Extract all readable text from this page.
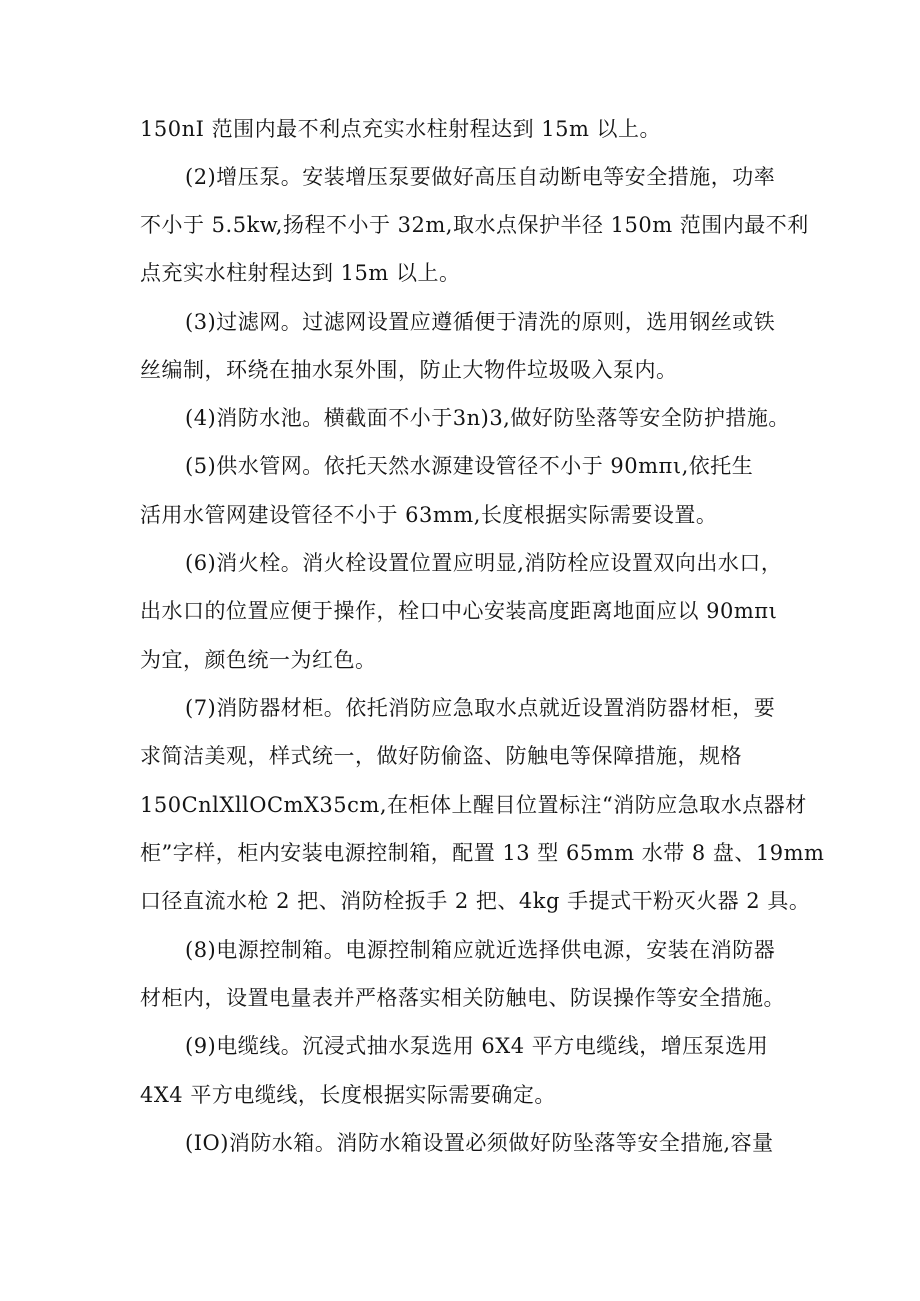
150nI 范围内最不利点充实水柱射程达到 15m 以上。
(2)增压泵。安装增压泵要做好高压自动断电等安全措施，功率
不小于 5.5kw,扬程不小于 32m,取水点保护半径 150m 范围内最不利
点充实水柱射程达到 15m 以上。
(3)过滤网。过滤网设置应遵循便于清洗的原则，选用钢丝或铁
丝编制，环绕在抽水泵外围，防止大物件垃圾吸入泵内。
(4)消防水池。横截面不小于3n)3,做好防坠落等安全防护措施。
(5)供水管网。依托天然水源建设管径不小于 90mπι,依托生
活用水管网建设管径不小于 63mm,长度根据实际需要设置。
(6)消火栓。消火栓设置位置应明显,消防栓应设置双向出水口，
出水口的位置应便于操作，栓口中心安装高度距离地面应以 90mπι
为宜，颜色统一为红色。
(7)消防器材柜。依托消防应急取水点就近设置消防器材柜，要
求简洁美观，样式统一，做好防偷盗、防触电等保障措施，规格
150CnlXllOCmX35cm,在柜体上醒目位置标注“消防应急取水点器材
柜”字样，柜内安装电源控制箱，配置 13 型 65mm 水带 8 盘、19mm
口径直流水枪 2 把、消防栓扳手 2 把、4kg 手提式干粉灭火器 2 具。
(8)电源控制箱。电源控制箱应就近选择供电源，安装在消防器
材柜内，设置电量表并严格落实相关防触电、防误操作等安全措施。
(9)电缆线。沉浸式抽水泵选用 6X4 平方电缆线，增压泵选用
4X4 平方电缆线，长度根据实际需要确定。
(IO)消防水箱。消防水箱设置必须做好防坠落等安全措施,容量
